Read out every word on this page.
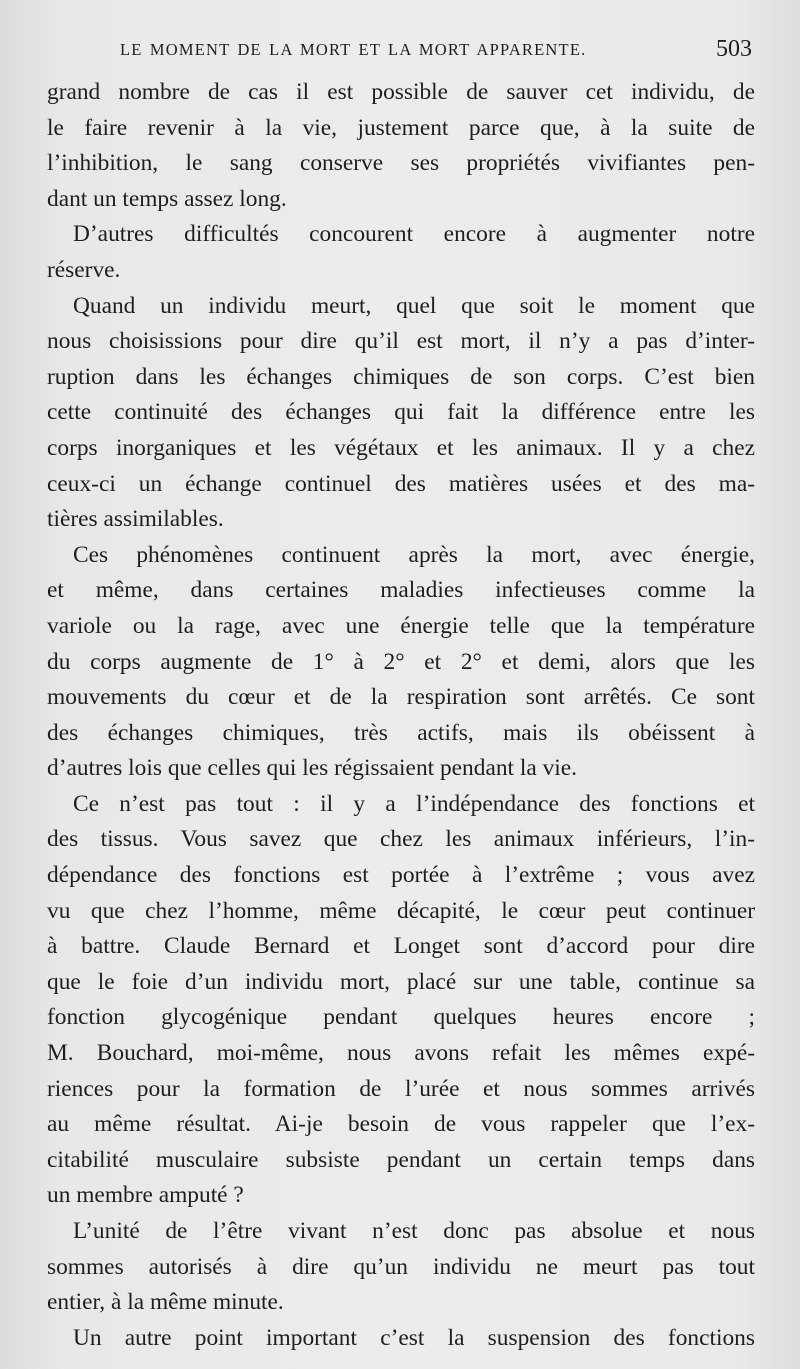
LE MOMENT DE LA MORT ET LA MORT APPARENTE.	503
grand nombre de cas il est possible de sauver cet individu, de
le faire revenir à la vie, justement parce que, à la suite de
l’inhibition, le sang conserve ses propriétés vivifiantes pen-
dant un temps assez long.
D’autres difficultés concourent encore à augmenter notre
réserve.
Quand un individu meurt, quel que soit le moment que
nous choisissions pour dire qu’il est mort, il n’y a pas d’inter-
ruption dans les échanges chimiques de son corps. C’est bien
cette continuité des échanges qui fait la différence entre les
corps inorganiques et les végétaux et les animaux. Il y a chez
ceux-ci un échange continuel des matières usées et des ma-
tières assimilables.
Ces phénomènes continuent après la mort, avec énergie,
et même, dans certaines maladies infectieuses comme la
variole ou la rage, avec une énergie telle que la température
du corps augmente de 1° à 2° et 2° et demi, alors que les
mouvements du cœur et de la respiration sont arrêtés. Ce sont
des échanges chimiques, très actifs, mais ils obéissent à
d’autres lois que celles qui les régissaient pendant la vie.
Ce n’est pas tout : il y a l’indépendance des fonctions et
des tissus. Vous savez que chez les animaux inférieurs, l’in-
dépendance des fonctions est portée à l’extrême ; vous avez
vu que chez l’homme, même décapité, le cœur peut continuer
à battre. Claude Bernard et Longet sont d’accord pour dire
que le foie d’un individu mort, placé sur une table, continue sa
fonction glycogénique pendant quelques heures encore ;
M. Bouchard, moi-même, nous avons refait les mêmes expé-
riences pour la formation de l’urée et nous sommes arrivés
au même résultat. Ai-je besoin de vous rappeler que l’ex-
citabilité musculaire subsiste pendant un certain temps dans
un membre amputé ?
L’unité de l’être vivant n’est donc pas absolue et nous
sommes autorisés à dire qu’un individu ne meurt pas tout
entier, à la même minute.
Un autre point important c’est la suspension des fonctions
